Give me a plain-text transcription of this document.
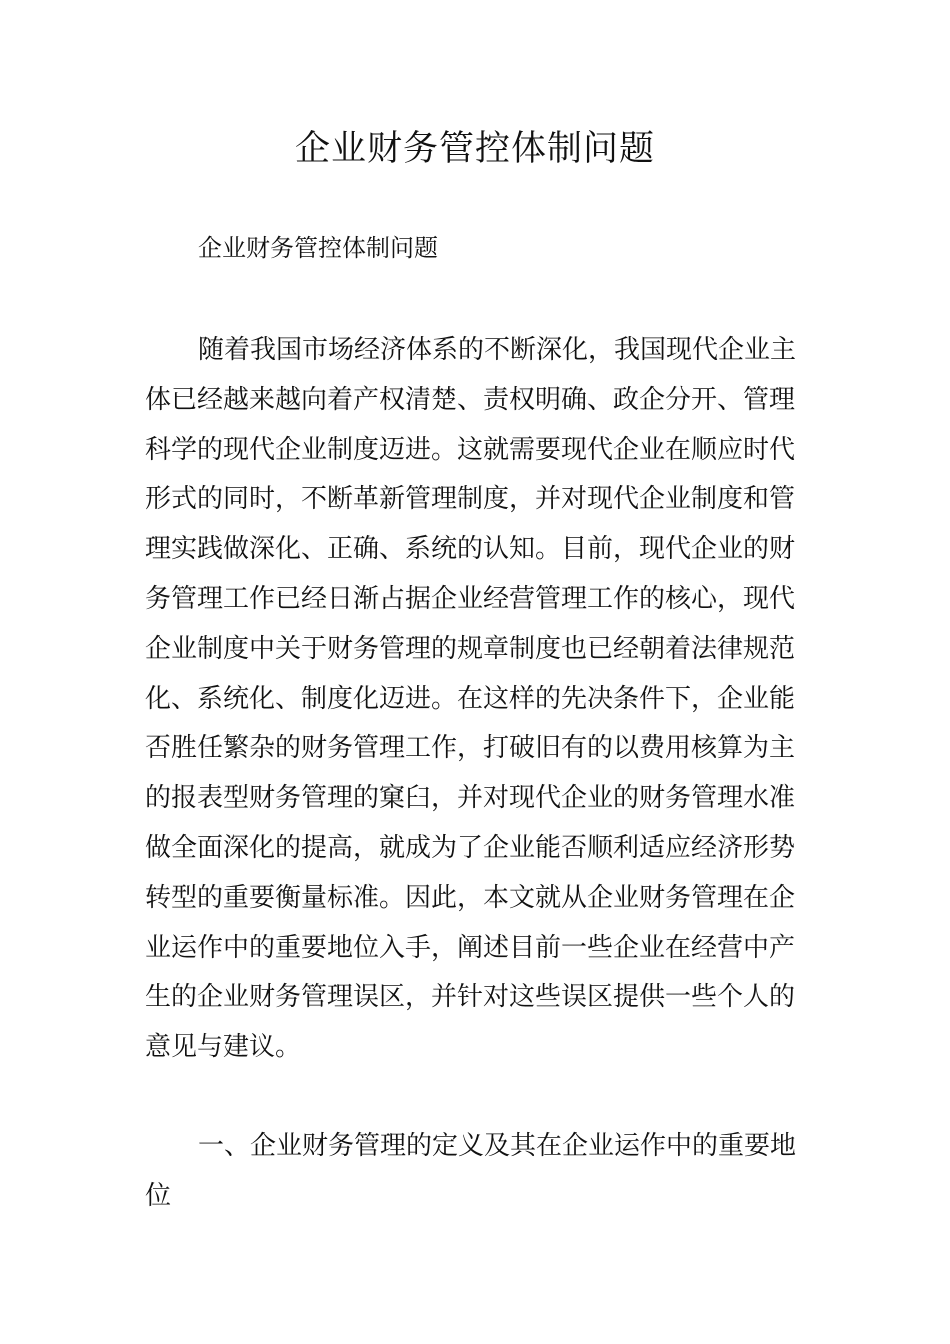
企业财务管控体制问题

企业财务管控体制问题

随着我国市场经济体系的不断深化，我国现代企业主
体已经越来越向着产权清楚、责权明确、政企分开、管理
科学的现代企业制度迈进。这就需要现代企业在顺应时代
形式的同时，不断革新管理制度，并对现代企业制度和管
理实践做深化、正确、系统的认知。目前，现代企业的财
务管理工作已经日渐占据企业经营管理工作的核心，现代
企业制度中关于财务管理的规章制度也已经朝着法律规范
化、系统化、制度化迈进。在这样的先决条件下，企业能
否胜任繁杂的财务管理工作，打破旧有的以费用核算为主
的报表型财务管理的窠臼，并对现代企业的财务管理水准
做全面深化的提高，就成为了企业能否顺利适应经济形势
转型的重要衡量标准。因此，本文就从企业财务管理在企
业运作中的重要地位入手，阐述目前一些企业在经营中产
生的企业财务管理误区，并针对这些误区提供一些个人的
意见与建议。
一、企业财务管理的定义及其在企业运作中的重要地
位
